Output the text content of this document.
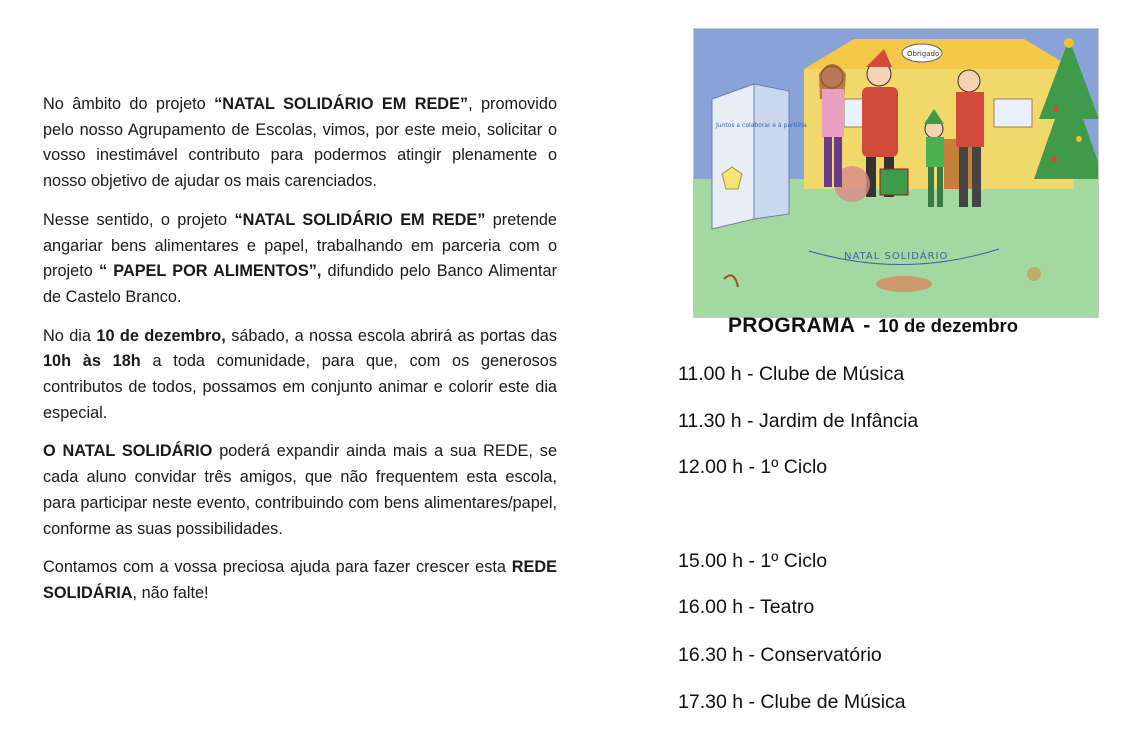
No âmbito do projeto “NATAL SOLIDÁRIO EM REDE”, promovido pelo nosso Agrupamento de Escolas, vimos, por este meio, solicitar o vosso inestimável contributo para podermos atingir plenamente o nosso objetivo de ajudar os mais carenciados.

Nesse sentido, o projeto “NATAL SOLIDÁRIO EM REDE” pretende angariar bens alimentares e papel, trabalhando em parceria com o projeto “ PAPEL POR ALIMENTOS”, difundido pelo Banco Alimentar de Castelo Branco.

No dia 10 de dezembro, sábado, a nossa escola abrirá as portas das 10h às 18h a toda comunidade, para que, com os generosos contributos de todos, possamos em conjunto animar e colorir este dia especial.

O NATAL SOLIDÁRIO poderá expandir ainda mais a sua REDE, se cada aluno convidar três amigos, que não frequentem esta escola, para participar neste evento, contribuindo com bens alimentares/papel, conforme as suas possibilidades.

Contamos com a vossa preciosa ajuda para fazer crescer esta REDE SOLIDÁRIA, não falte!

Juntos a colaborar e à partilha
Obrigado
NATAL SOLIDÁRIO
PROGRAMA - 10 de dezembro
11.00 h - Clube de Música
11.30 h - Jardim de Infância
12.00 h - 1º Ciclo
15.00 h - 1º Ciclo
16.00 h - Teatro
16.30 h - Conservatório
17.30 h - Clube de Música
